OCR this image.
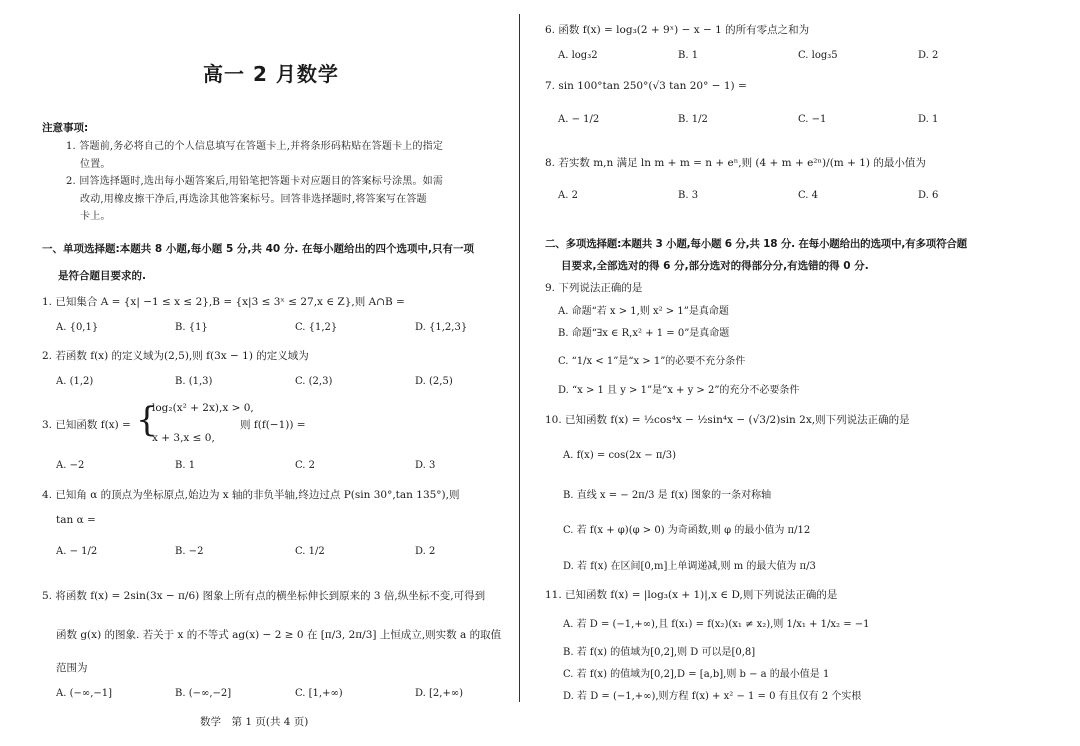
高一 2 月数学
注意事项:
1. 答题前,务必将自己的个人信息填写在答题卡上,并将条形码粘贴在答题卡上的指定
位置。
2. 回答选择题时,选出每小题答案后,用铅笔把答题卡对应题目的答案标号涂黑。如需
改动,用橡皮擦干净后,再选涂其他答案标号。回答非选择题时,将答案写在答题
卡上。
一、单项选择题:本题共 8 小题,每小题 5 分,共 40 分. 在每小题给出的四个选项中,只有一项
是符合题目要求的.
1. 已知集合 A = {x| −1 ≤ x ≤ 2},B = {x|3 ≤ 3ˣ ≤ 27,x ∈ Z},则 A∩B =
A. {0,1}	B. {1}	C. {1,2}	D. {1,2,3}
2. 若函数 f(x) 的定义域为(2,5),则 f(3x − 1) 的定义域为
A. (1,2)	B. (1,3)	C. (2,3)	D. (2,5)
3. 已知函数 f(x) = {
log₂(x² + 2x),x > 0,
x + 3,x ≤ 0,
则 f(f(−1)) =
A. −2	B. 1	C. 2	D. 3
4. 已知角 α 的顶点为坐标原点,始边为 x 轴的非负半轴,终边过点 P(sin 30°,tan 135°),则
tan α =
A. − 1/2	B. −2	C. 1/2	D. 2
5. 将函数 f(x) = 2sin(3x − π/6) 图象上所有点的横坐标伸长到原来的 3 倍,纵坐标不变,可得到
函数 g(x) 的图象. 若关于 x 的不等式 ag(x) − 2 ≥ 0 在 [π/3, 2π/3] 上恒成立,则实数 a 的取值
范围为
A. (−∞,−1]	B. (−∞,−2]	C. [1,+∞)	D. [2,+∞)
数学　第 1 页(共 4 页)
6. 函数 f(x) = log₃(2 + 9ˣ) − x − 1 的所有零点之和为
A. log₃2	B. 1	C. log₃5	D. 2
7. sin 100°tan 250°(√3 tan 20° − 1) =
A. − 1/2	B. 1/2	C. −1	D. 1
8. 若实数 m,n 满足 ln m + m = n + eⁿ,则 (4 + m + e²ⁿ)/(m + 1) 的最小值为
A. 2	B. 3	C. 4	D. 6
二、多项选择题:本题共 3 小题,每小题 6 分,共 18 分. 在每小题给出的选项中,有多项符合题
目要求,全部选对的得 6 分,部分选对的得部分分,有选错的得 0 分.
9. 下列说法正确的是
A. 命题“若 x > 1,则 x² > 1”是真命题
B. 命题“∃x ∈ R,x² + 1 = 0”是真命题
C. “1/x < 1”是“x > 1”的必要不充分条件
D. “x > 1 且 y > 1”是“x + y > 2”的充分不必要条件
10. 已知函数 f(x) = ½cos⁴x − ½sin⁴x − (√3/2)sin 2x,则下列说法正确的是
A. f(x) = cos(2x − π/3)
B. 直线 x = − 2π/3 是 f(x) 图象的一条对称轴
C. 若 f(x + φ)(φ > 0) 为奇函数,则 φ 的最小值为 π/12
D. 若 f(x) 在区间[0,m]上单调递减,则 m 的最大值为 π/3
11. 已知函数 f(x) = |log₃(x + 1)|,x ∈ D,则下列说法正确的是
A. 若 D = (−1,+∞),且 f(x₁) = f(x₂)(x₁ ≠ x₂),则 1/x₁ + 1/x₂ = −1
B. 若 f(x) 的值域为[0,2],则 D 可以是[0,8]
C. 若 f(x) 的值域为[0,2],D = [a,b],则 b − a 的最小值是 1
D. 若 D = (−1,+∞),则方程 f(x) + x² − 1 = 0 有且仅有 2 个实根
